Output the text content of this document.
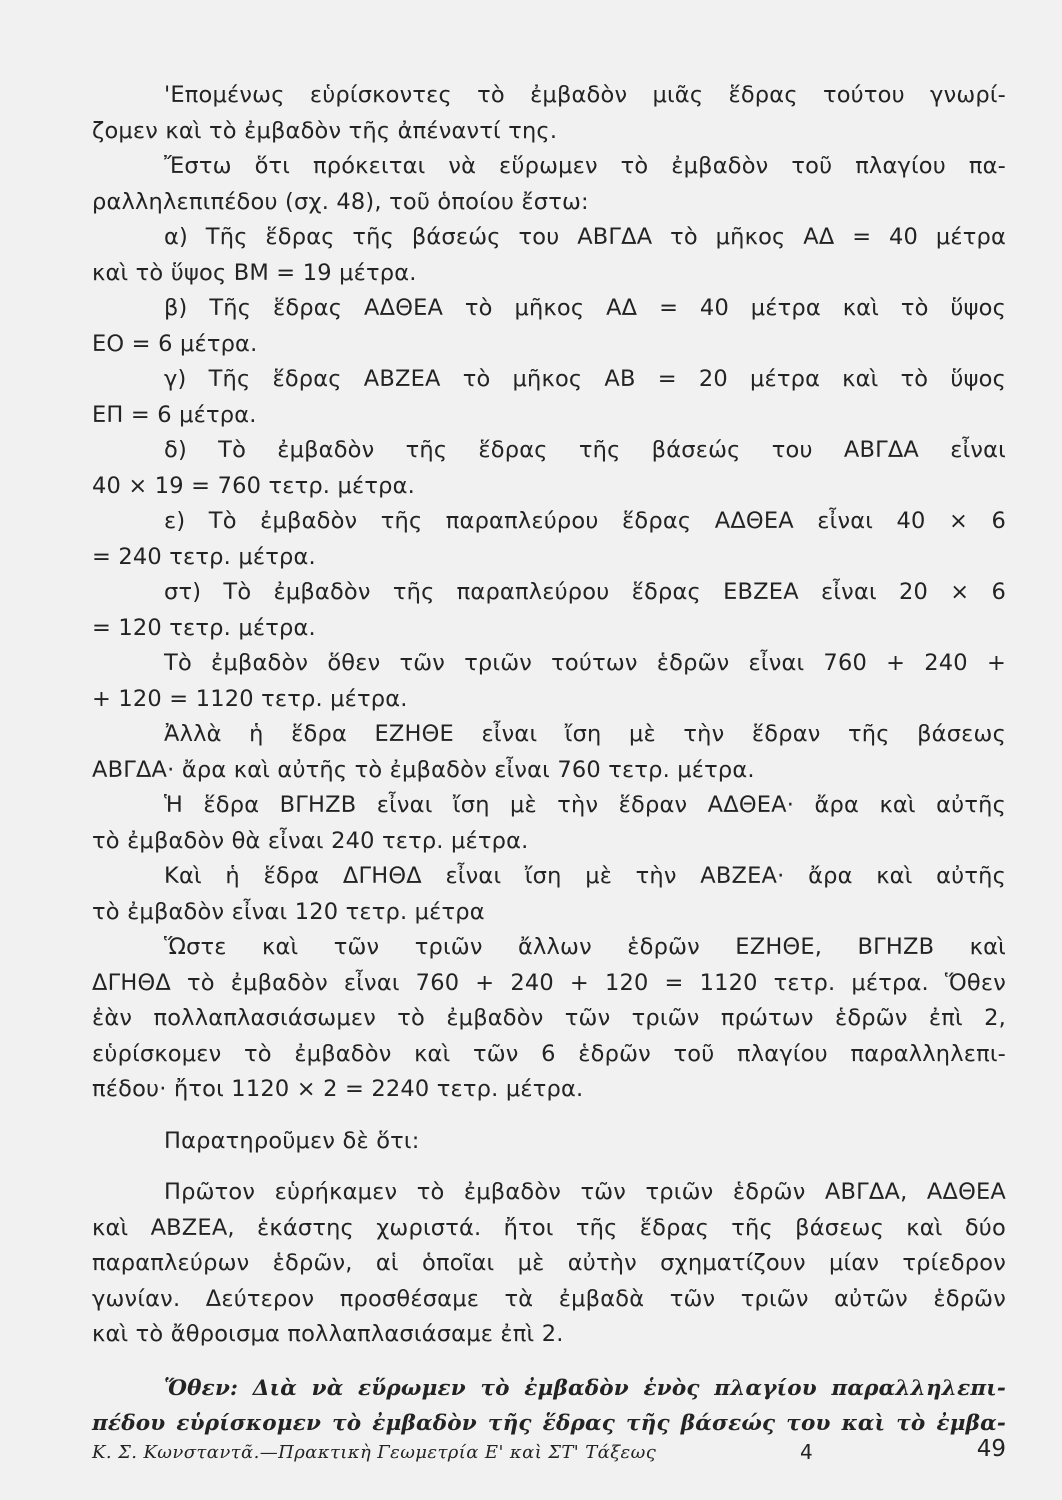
'Επομένως εὑρίσκοντες τὸ ἐμβαδὸν μιᾶς ἕδρας τούτου γνωρί-
ζομεν καὶ τὸ ἐμβαδὸν τῆς ἀπέναντί της.
Ἔστω ὅτι πρόκειται νὰ εὕρωμεν τὸ ἐμβαδὸν τοῦ πλαγίου πα-
ραλληλεπιπέδου (σχ. 48), τοῦ ὁποίου ἔστω:
α) Τῆς ἕδρας τῆς βάσεώς του ΑΒΓΔΑ τὸ μῆκος ΑΔ = 40 μέτρα
καὶ τὸ ὕψος ΒΜ = 19 μέτρα.
β) Τῆς ἕδρας ΑΔΘΕΑ τὸ μῆκος ΑΔ = 40 μέτρα καὶ τὸ ὕψος
ΕΟ = 6 μέτρα.
γ) Τῆς ἕδρας ΑΒΖΕΑ τὸ μῆκος ΑΒ = 20 μέτρα καὶ τὸ ὕψος
ΕΠ = 6 μέτρα.
δ) Τὸ ἐμβαδὸν τῆς ἕδρας τῆς βάσεώς του ΑΒΓΔΑ εἶναι
40 × 19 = 760 τετρ. μέτρα.
ε) Τὸ ἐμβαδὸν τῆς παραπλεύρου ἕδρας ΑΔΘΕΑ εἶναι 40 × 6
= 240 τετρ. μέτρα.
στ) Τὸ ἐμβαδὸν τῆς παραπλεύρου ἕδρας ΕΒΖΕΑ εἶναι 20 × 6
= 120 τετρ. μέτρα.
Τὸ ἐμβαδὸν ὅθεν τῶν τριῶν τούτων ἑδρῶν εἶναι 760 + 240 +
+ 120 = 1120 τετρ. μέτρα.
Ἀλλὰ ἡ ἕδρα ΕΖΗΘΕ εἶναι ἴση μὲ τὴν ἕδραν τῆς βάσεως
ΑΒΓΔΑ· ἄρα καὶ αὐτῆς τὸ ἐμβαδὸν εἶναι 760 τετρ. μέτρα.
Ἡ ἕδρα ΒΓΗΖΒ εἶναι ἴση μὲ τὴν ἕδραν ΑΔΘΕΑ· ἄρα καὶ αὐτῆς
τὸ ἐμβαδὸν θὰ εἶναι 240 τετρ. μέτρα.
Καὶ ἡ ἕδρα ΔΓΗΘΔ εἶναι ἴση μὲ τὴν ΑΒΖΕΑ· ἄρα καὶ αὐτῆς
τὸ ἐμβαδὸν εἶναι 120 τετρ. μέτρα
Ὥστε καὶ τῶν τριῶν ἄλλων ἑδρῶν ΕΖΗΘΕ, ΒΓΗΖΒ καὶ
ΔΓΗΘΔ τὸ ἐμβαδὸν εἶναι 760 + 240 + 120 = 1120 τετρ. μέτρα. Ὅθεν
ἐὰν πολλαπλασιάσωμεν τὸ ἐμβαδὸν τῶν τριῶν πρώτων ἑδρῶν ἐπὶ 2,
εὑρίσκομεν τὸ ἐμβαδὸν καὶ τῶν 6 ἑδρῶν τοῦ πλαγίου παραλληλεπι-
πέδου· ἤτοι 1120 × 2 = 2240 τετρ. μέτρα.
Παρατηροῦμεν δὲ ὅτι:
Πρῶτον εὑρήκαμεν τὸ ἐμβαδὸν τῶν τριῶν ἑδρῶν ΑΒΓΔΑ, ΑΔΘΕΑ
καὶ ΑΒΖΕΑ, ἑκάστης χωριστά. ἤτοι τῆς ἕδρας τῆς βάσεως καὶ δύο
παραπλεύρων ἑδρῶν, αἱ ὁποῖαι μὲ αὐτὴν σχηματίζουν μίαν τρίεδρον
γωνίαν. Δεύτερον προσθέσαμε τὰ ἐμβαδὰ τῶν τριῶν αὐτῶν ἑδρῶν
καὶ τὸ ἄθροισμα πολλαπλασιάσαμε ἐπὶ 2.
Ὅθεν: Διὰ νὰ εὕρωμεν τὸ ἐμβαδὸν ἑνὸς πλαγίου παραλληλεπι-
πέδου εὑρίσκομεν τὸ ἐμβαδὸν τῆς ἕδρας τῆς βάσεώς του καὶ τὸ ἐμβα-
Κ. Σ. Κωνσταντᾶ.—Πρακτικὴ Γεωμετρία Ε' καὶ ΣΤ' Τάξεως	4	49
